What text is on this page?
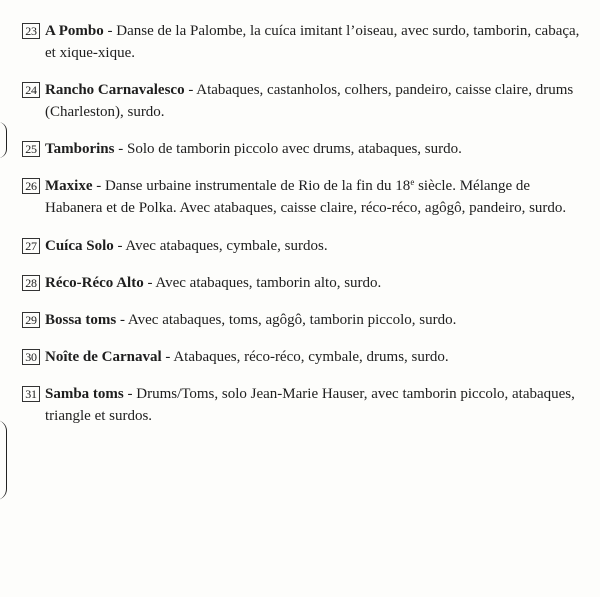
23 A Pombo - Danse de la Palombe, la cuíca imitant l’oiseau, avec surdo, tamborin, cabaça, et xique-xique.
24 Rancho Carnavalesco - Atabaques, castanholos, colhers, pandeiro, caisse claire, drums (Charleston), surdo.
25 Tamborins - Solo de tamborin piccolo avec drums, atabaques, surdo.
26 Maxixe - Danse urbaine instrumentale de Rio de la fin du 18e siècle. Mélange de Habanera et de Polka. Avec atabaques, caisse claire, réco-réco, agôgô, pandeiro, surdo.
27 Cuíca Solo - Avec atabaques, cymbale, surdos.
28 Réco-Réco Alto - Avec atabaques, tamborin alto, surdo.
29 Bossa toms - Avec atabaques, toms, agôgô, tamborin piccolo, surdo.
30 Noîte de Carnaval - Atabaques, réco-réco, cymbale, drums, surdo.
31 Samba toms - Drums/Toms, solo Jean-Marie Hauser, avec tamborin piccolo, atabaques, triangle et surdos.
